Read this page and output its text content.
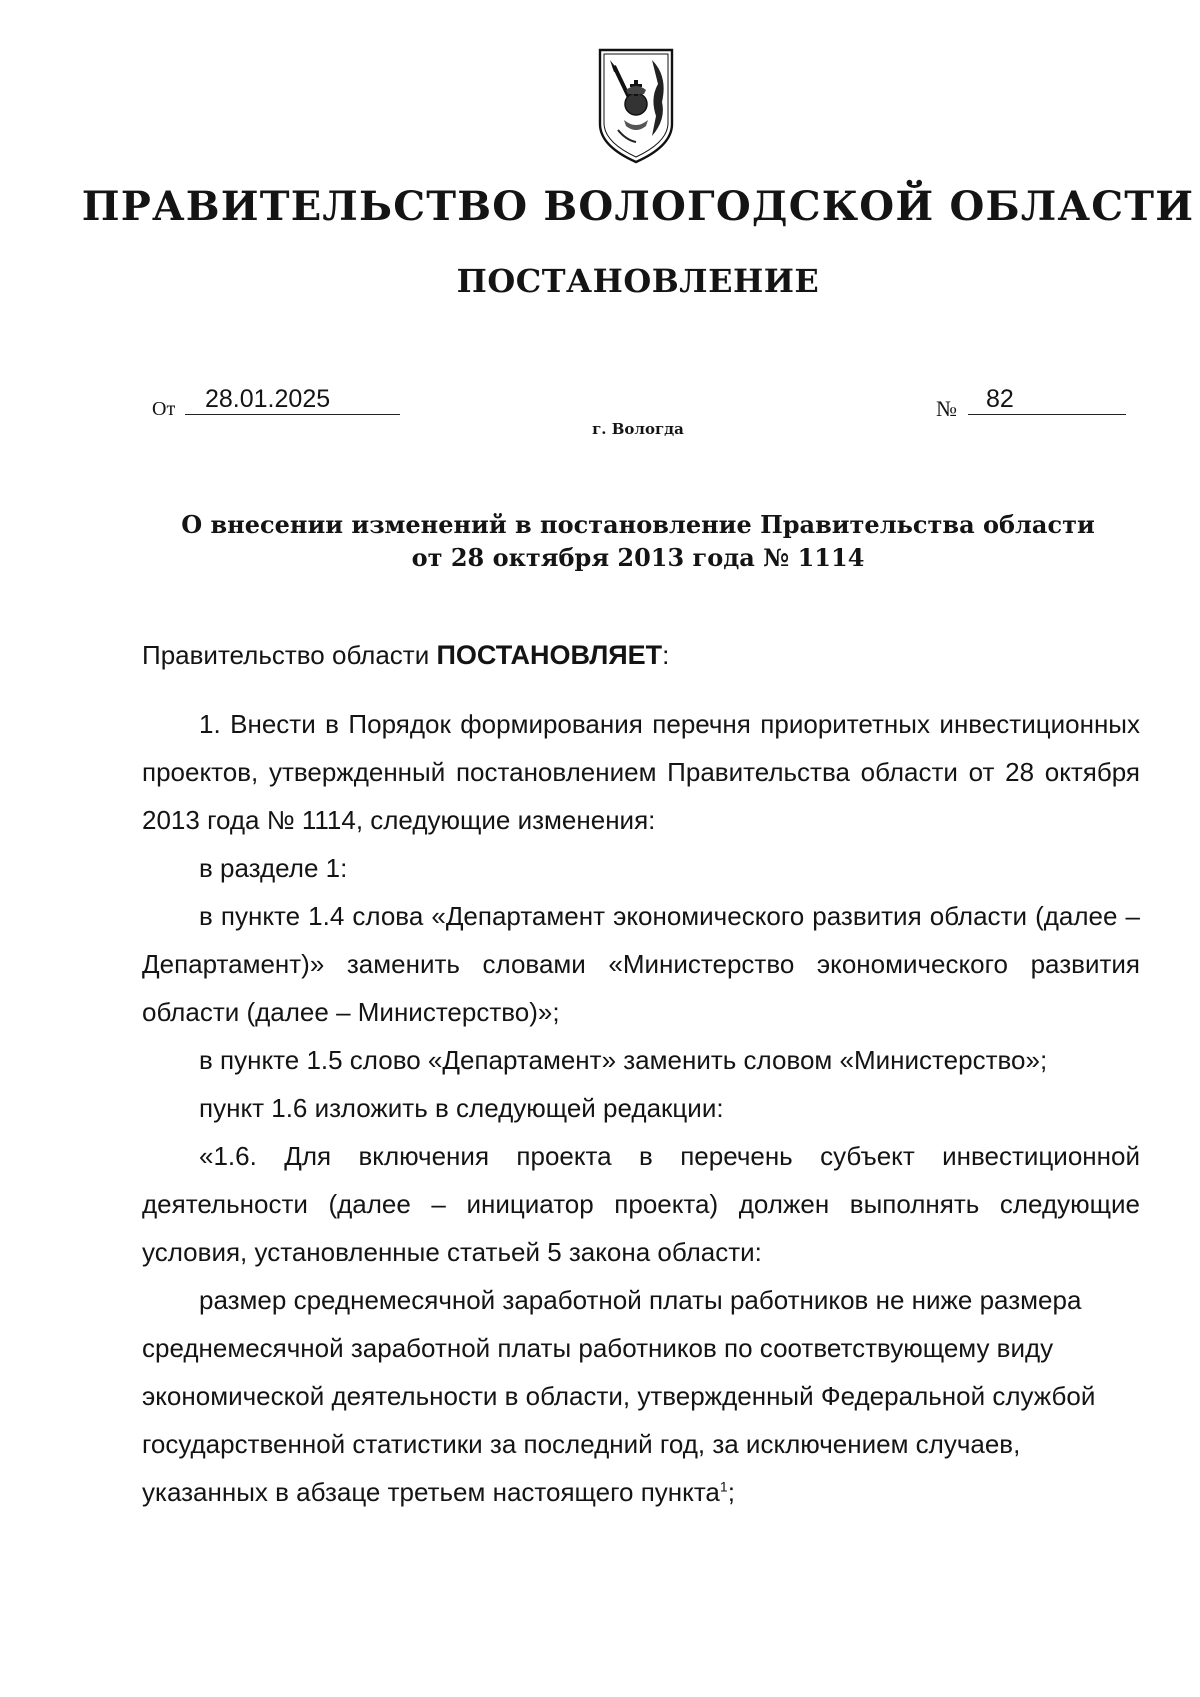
ПРАВИТЕЛЬСТВО ВОЛОГОДСКОЙ ОБЛАСТИ
ПОСТАНОВЛЕНИЕ
От	28.01.2025	№	82
г. Вологда
О внесении изменений в постановление Правительства области
от 28 октября 2013 года № 1114

Правительство области ПОСТАНОВЛЯЕТ:

1. Внести в Порядок формирования перечня приоритетных инвестиционных проектов, утвержденный постановлением Правительства области от 28 октября 2013 года № 1114, следующие изменения:

в разделе 1:

в пункте 1.4 слова «Департамент экономического развития области (далее – Департамент)» заменить словами «Министерство экономического развития области (далее – Министерство)»;

в пункте 1.5 слово «Департамент» заменить словом «Министерство»;

пункт 1.6 изложить в следующей редакции:

«1.6. Для включения проекта в перечень субъект инвестиционной деятельности (далее – инициатор проекта) должен выполнять следующие условия, установленные статьей 5 закона области:

размер среднемесячной заработной платы работников не ниже размера среднемесячной заработной платы работников по соответствующему виду экономической деятельности в области, утвержденный Федеральной службой государственной статистики за последний год, за исключением случаев, указанных в абзаце третьем настоящего пункта$^1$;
